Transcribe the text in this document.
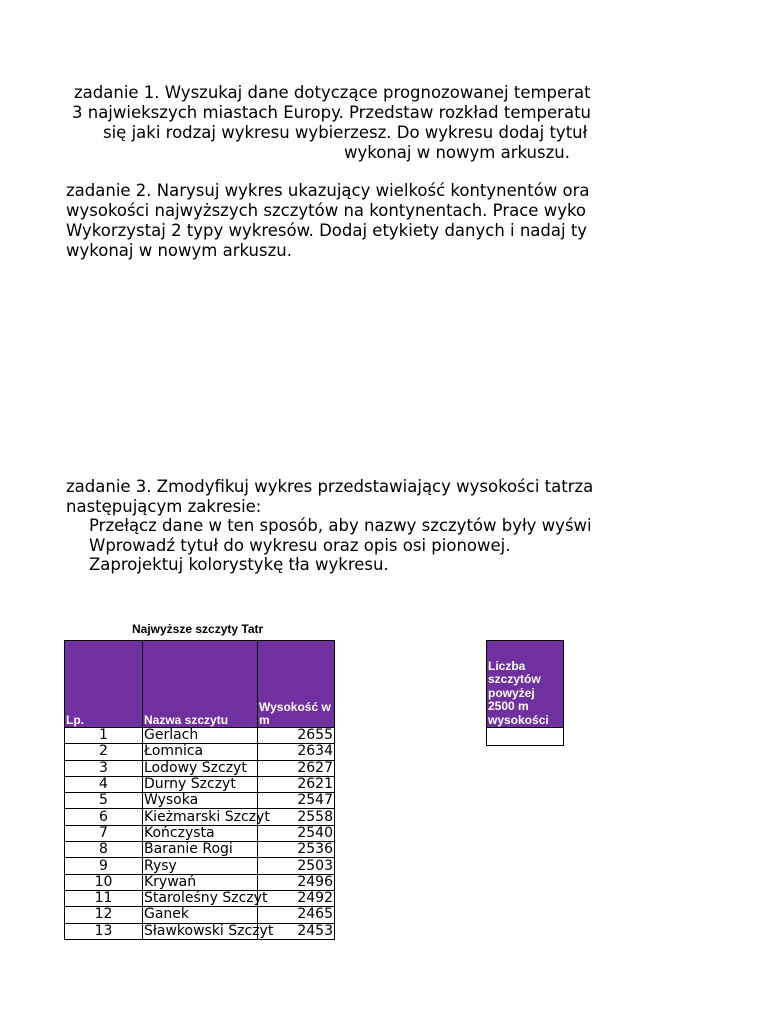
zadanie 1. Wyszukaj dane dotyczące prognozowanej temperat
3 najwiekszych miastach Europy. Przedstaw rozkład temperatu
się jaki rodzaj wykresu wybierzesz. Do wykresu dodaj tytuł
wykonaj w nowym arkuszu.
zadanie 2. Narysuj wykres ukazujący wielkość kontynentów ora
wysokości najwyższych szczytów na kontynentach. Prace wyko
Wykorzystaj 2 typy wykresów. Dodaj etykiety danych i nadaj ty
wykonaj w nowym arkuszu.
zadanie 3. Zmodyfikuj wykres przedstawiający wysokości tatrza
następującym zakresie:
Przełącz dane w ten sposób, aby nazwy szczytów były wyświ
Wprowadź tytuł do wykresu oraz opis osi pionowej.
Zaprojektuj kolorystykę tła wykresu.
Najwyższe szczyty Tatr
Lp.	Nazwa szczytu	Wysokość w m
1	Gerlach	2655
2	Łomnica	2634
3	Lodowy Szczyt	2627
4	Durny Szczyt	2621
5	Wysoka	2547
6	Kieżmarski Szczyt	2558
7	Kończysta	2540
8	Baranie Rogi	2536
9	Rysy	2503
10	Krywań	2496
11	Staroleśny Szczyt	2492
12	Ganek	2465
13	Sławkowski Szczyt	2453
Liczba szczytów powyżej 2500 m wysokości
